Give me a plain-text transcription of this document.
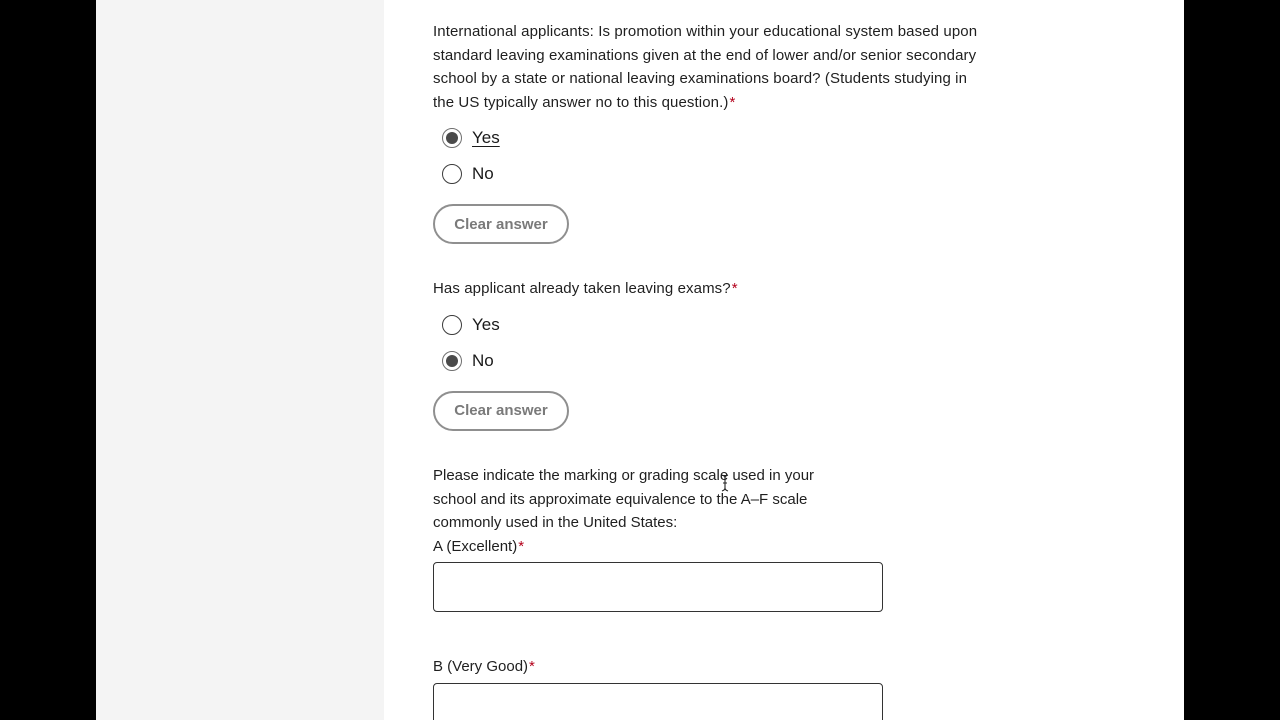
International applicants: Is promotion within your educational system based upon standard leaving examinations given at the end of lower and/or senior secondary school by a state or national leaving examinations board? (Students studying in the US typically answer no to this question.)*

Yes
No
Clear answer

Has applicant already taken leaving exams?*

Yes
No
Clear answer

Please indicate the marking or grading scale used in your school and its approximate equivalence to the A–F scale commonly used in the United States:

A (Excellent)*

B (Very Good)*
